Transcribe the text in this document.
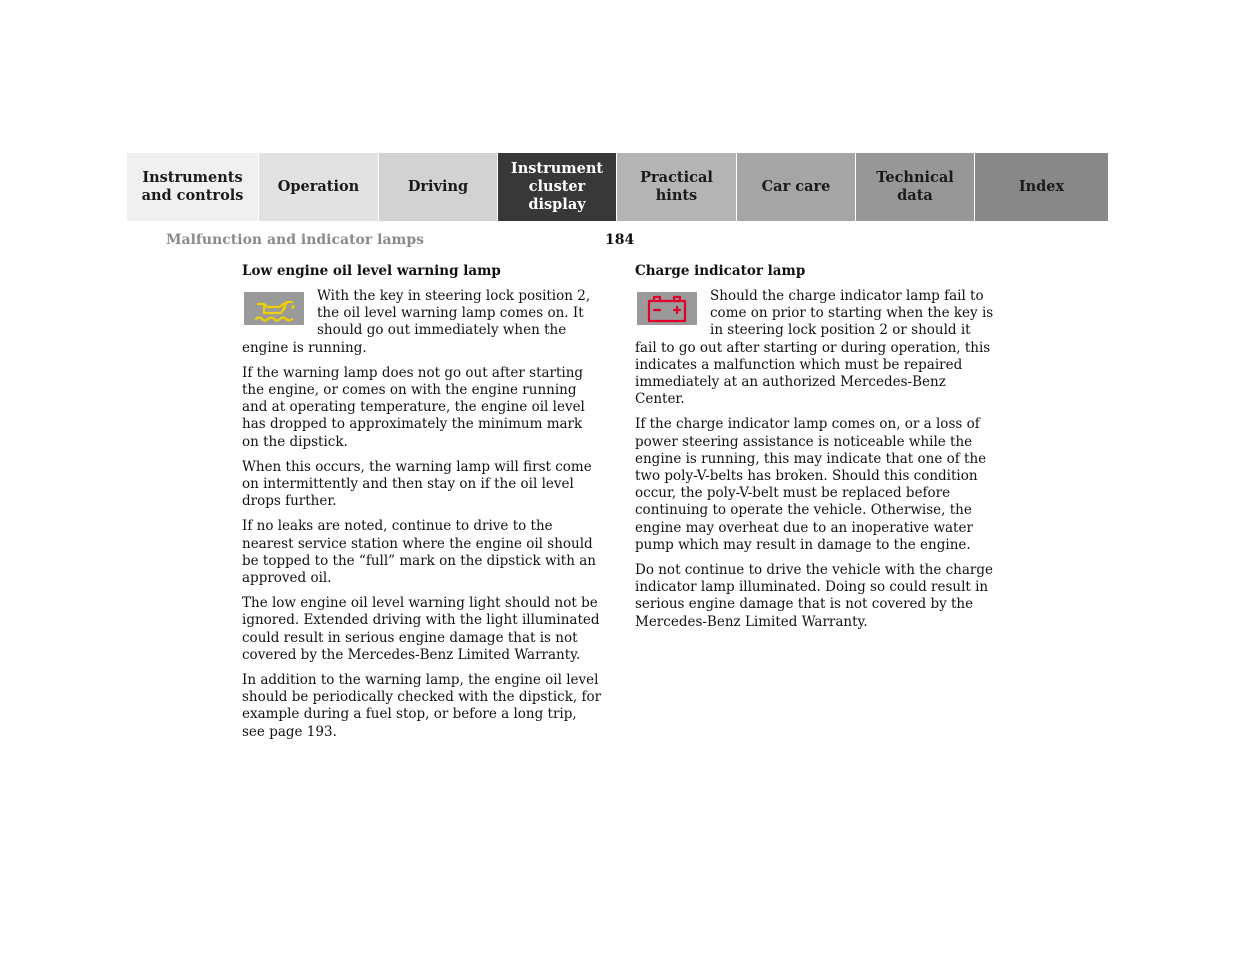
Instruments
and controls
Operation	Driving
Instrument
cluster display
Practical hints
Car care
Technical
data
Index
Malfunction and indicator lamps	184
Low engine oil level warning lamp
With the key in steering lock position 2, the oil level warning lamp comes on. It should go out immediately when the engine is running.
If the warning lamp does not go out after starting the engine, or comes on with the engine running and at operating temperature, the engine oil level has dropped to approximately the minimum mark on the dipstick.
When this occurs, the warning lamp will first come on intermittently and then stay on if the oil level drops further.
If no leaks are noted, continue to drive to the nearest service station where the engine oil should be topped to the “full” mark on the dipstick with an approved oil.
The low engine oil level warning light should not be ignored. Extended driving with the light illuminated could result in serious engine damage that is not covered by the Mercedes-Benz Limited Warranty.
In addition to the warning lamp, the engine oil level should be periodically checked with the dipstick, for example during a fuel stop, or before a long trip, see page 193.
Charge indicator lamp
Should the charge indicator lamp fail to come on prior to starting when the key is in steering lock position 2 or should it fail to go out after starting or during operation, this indicates a malfunction which must be repaired immediately at an authorized Mercedes-Benz Center.
If the charge indicator lamp comes on, or a loss of power steering assistance is noticeable while the engine is running, this may indicate that one of the two poly-V-belts has broken. Should this condition occur, the poly-V-belt must be replaced before continuing to operate the vehicle. Otherwise, the engine may overheat due to an inoperative water pump which may result in damage to the engine.
Do not continue to drive the vehicle with the charge indicator lamp illuminated. Doing so could result in serious engine damage that is not covered by the Mercedes-Benz Limited Warranty.
